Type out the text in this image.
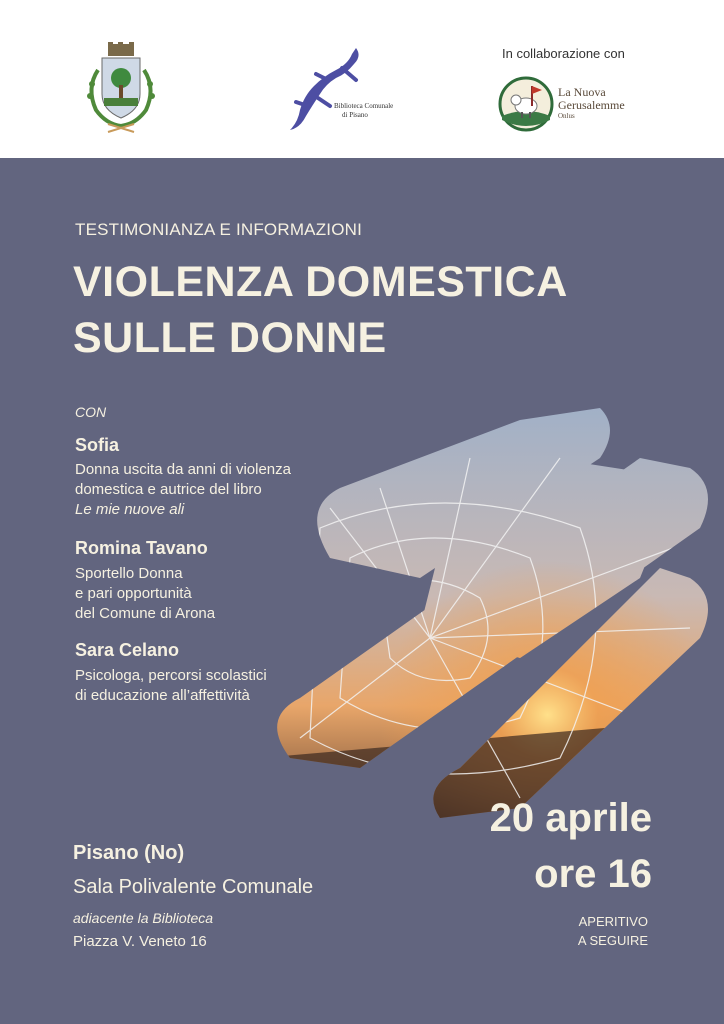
Biblioteca Comunale
di Pisano
In collaborazione con
La Nuova
Gerusalemme
Onlus
TESTIMONIANZA E INFORMAZIONI
VIOLENZA DOMESTICA
SULLE DONNE
CON
Sofia
Donna uscita da anni di violenza
domestica e autrice del libro
Le mie nuove ali
Romina Tavano
Sportello Donna
e pari opportunità
del Comune di Arona
Sara Celano
Psicologa, percorsi scolastici
di educazione all’affettività
20 aprile
ore 16
APERITIVO
A SEGUIRE
Pisano (No)
Sala Polivalente Comunale
adiacente la Biblioteca
Piazza V. Veneto 16
